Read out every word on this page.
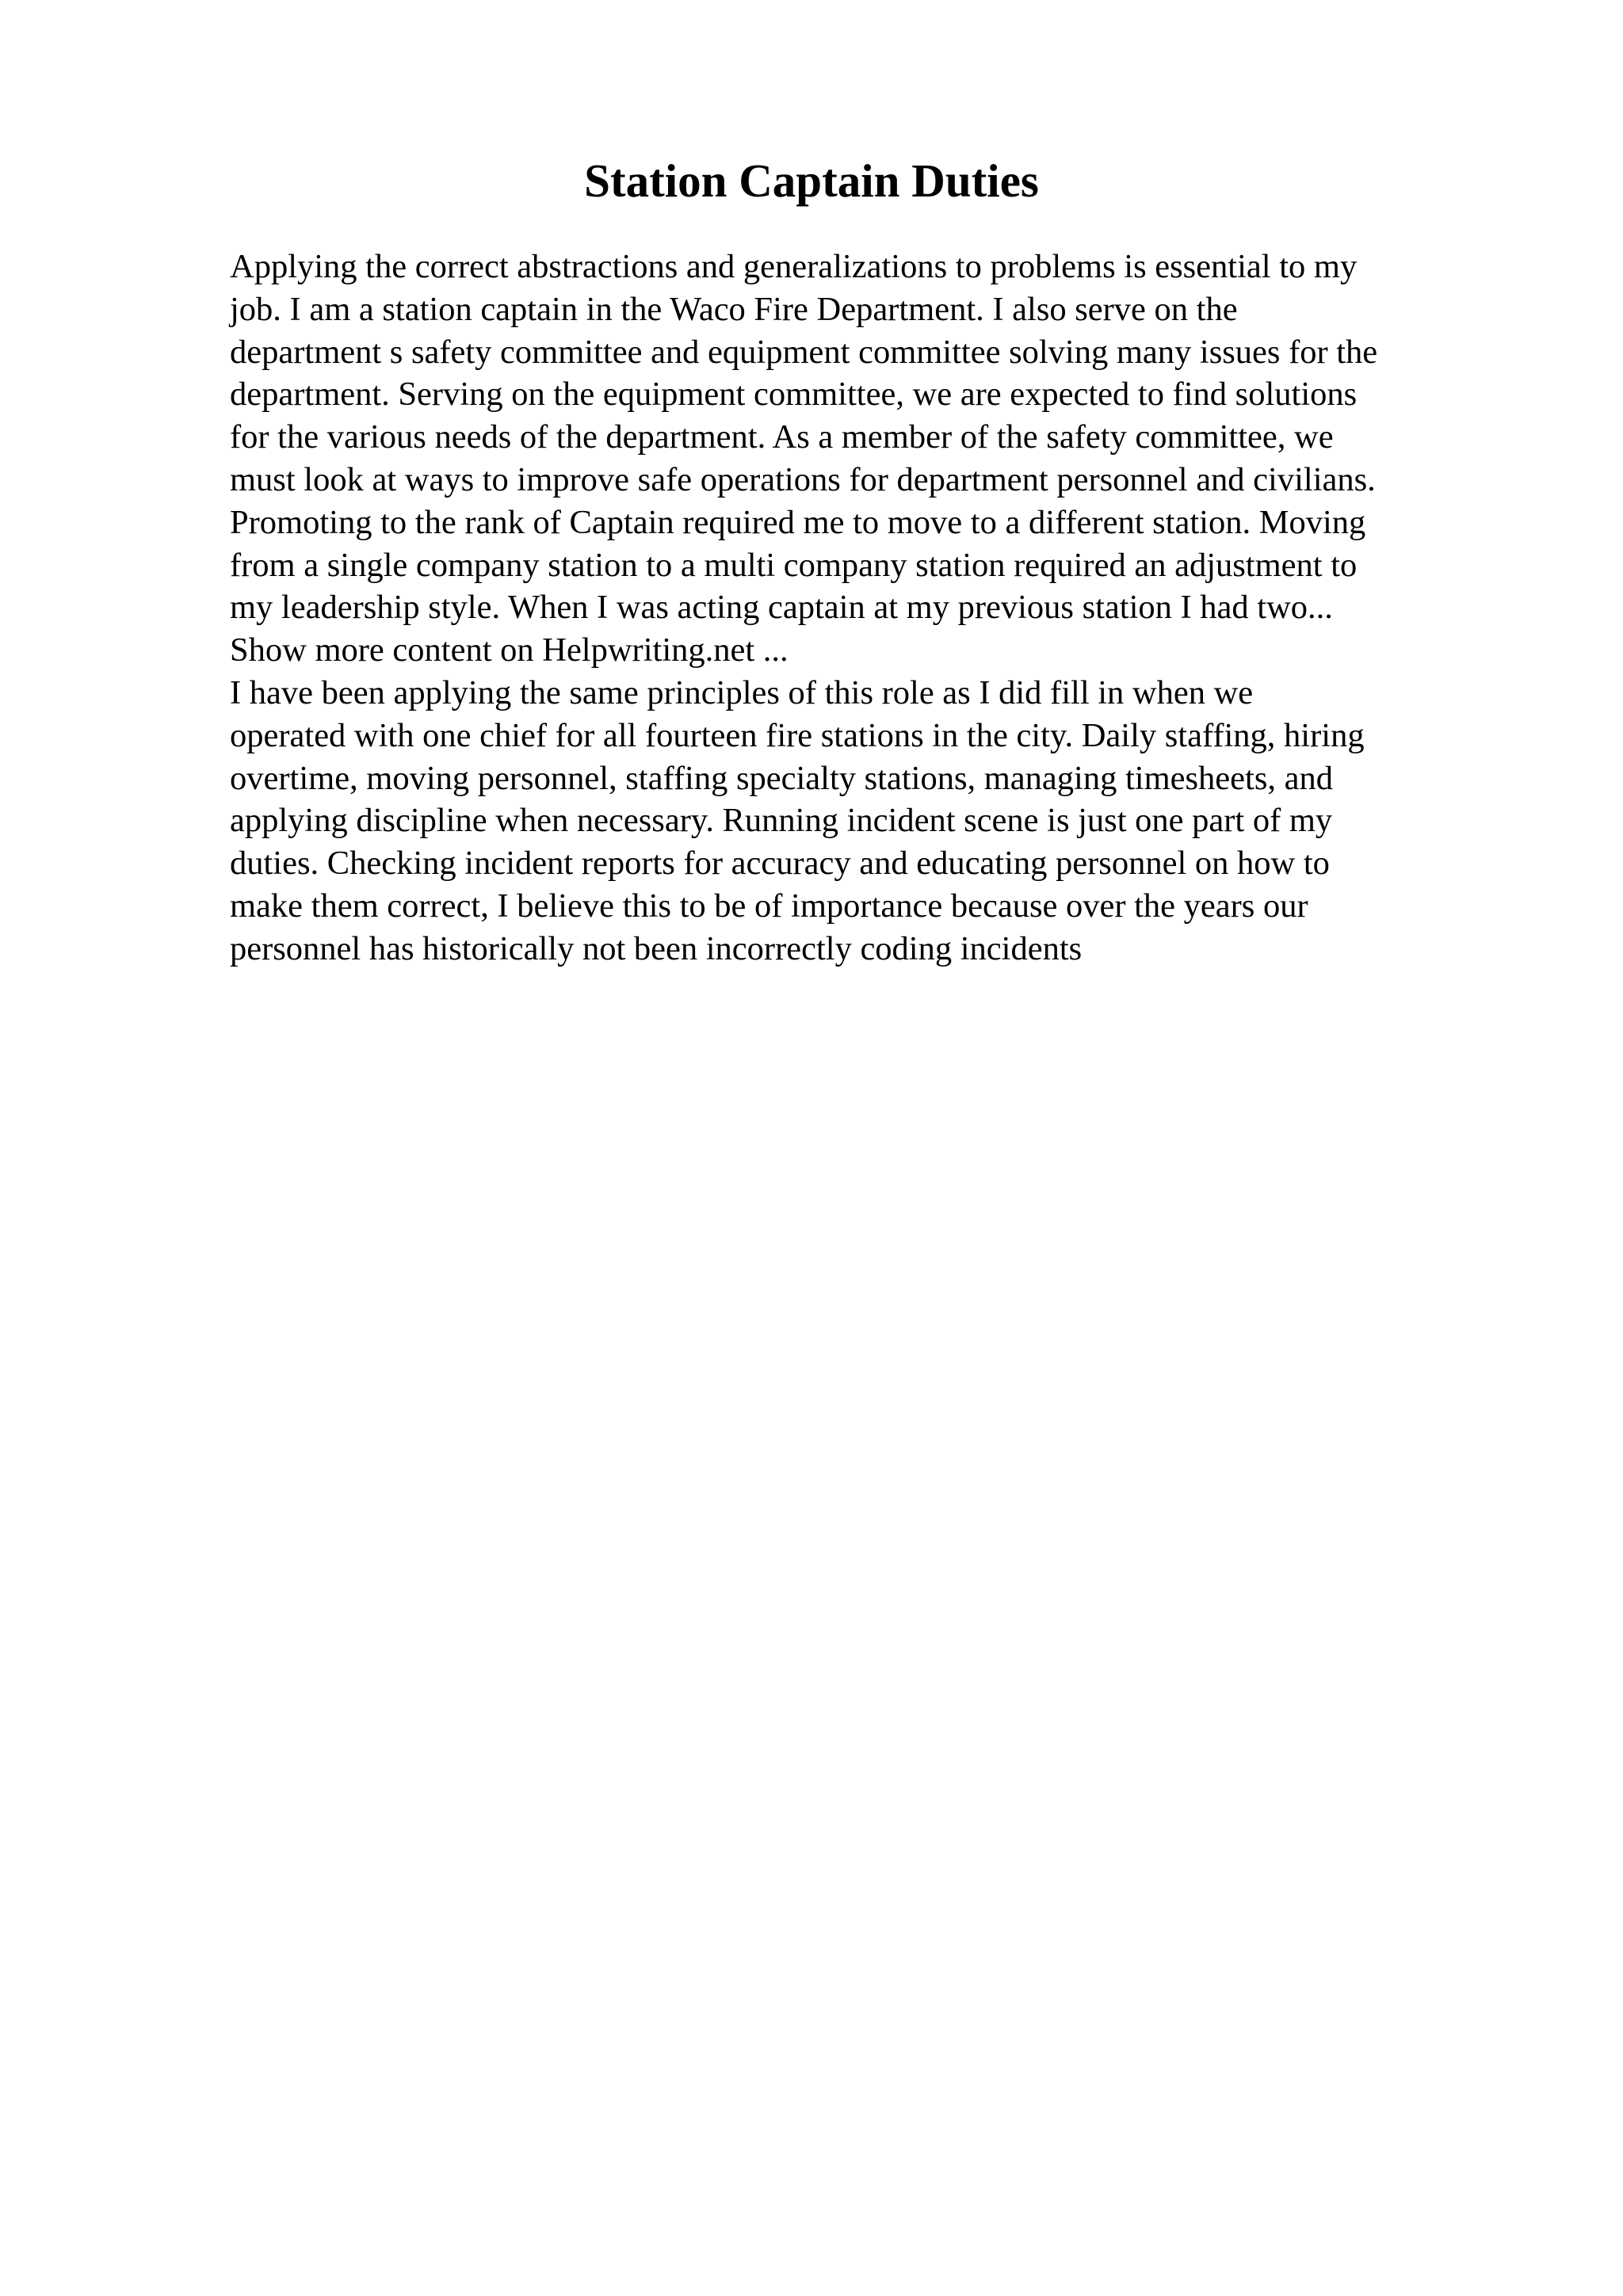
Station Captain Duties
Applying the correct abstractions and generalizations to problems is essential to my
job. I am a station captain in the Waco Fire Department. I also serve on the
department s safety committee and equipment committee solving many issues for the
department. Serving on the equipment committee, we are expected to find solutions
for the various needs of the department. As a member of the safety committee, we
must look at ways to improve safe operations for department personnel and civilians.
Promoting to the rank of Captain required me to move to a different station. Moving
from a single company station to a multi company station required an adjustment to
my leadership style. When I was acting captain at my previous station I had two...
Show more content on Helpwriting.net ...
I have been applying the same principles of this role as I did fill in when we
operated with one chief for all fourteen fire stations in the city. Daily staffing, hiring
overtime, moving personnel, staffing specialty stations, managing timesheets, and
applying discipline when necessary. Running incident scene is just one part of my
duties. Checking incident reports for accuracy and educating personnel on how to
make them correct, I believe this to be of importance because over the years our
personnel has historically not been incorrectly coding incidents
